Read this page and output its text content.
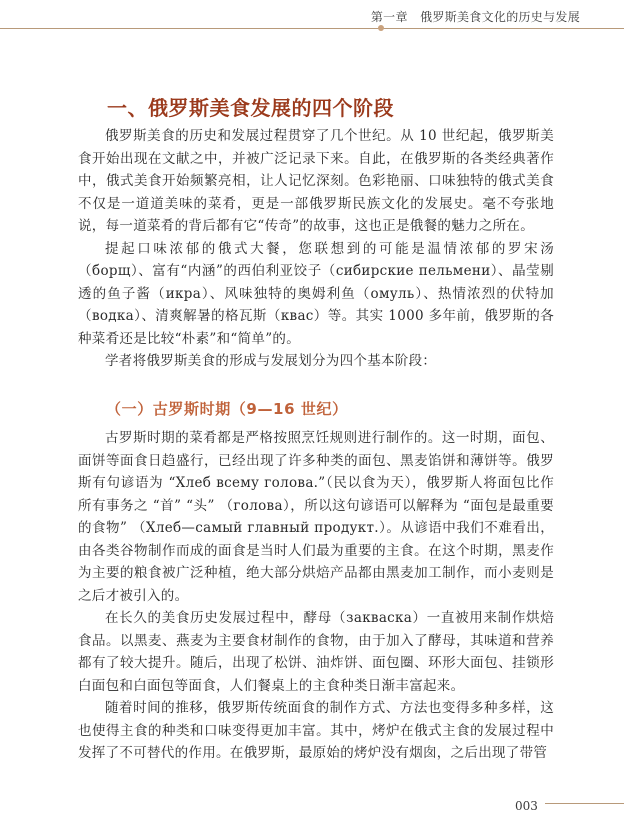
第一章 俄罗斯美食文化的历史与发展
一、俄罗斯美食发展的四个阶段

俄罗斯美食的历史和发展过程贯穿了几个世纪。从 10 世纪起，俄罗斯美食开始出现在文献之中，并被广泛记录下来。自此，在俄罗斯的各类经典著作中，俄式美食开始频繁亮相，让人记忆深刻。色彩艳丽、口味独特的俄式美食不仅是一道道美味的菜肴，更是一部俄罗斯民族文化的发展史。毫不夸张地说，每一道菜肴的背后都有它“传奇”的故事，这也正是俄餐的魅力之所在。

提起口味浓郁的俄式大餐，您联想到的可能是温情浓郁的罗宋汤（борщ）、富有“内涵”的西伯利亚饺子（сибирские пельмени）、晶莹剔透的鱼子酱（икра）、风味独特的奥姆利鱼（омуль）、热情浓烈的伏特加（водка）、清爽解暑的格瓦斯（квас）等。其实 1000 多年前，俄罗斯的各种菜肴还是比较“朴素”和“简单”的。

学者将俄罗斯美食的形成与发展划分为四个基本阶段：

（一）古罗斯时期（9—16 世纪）

古罗斯时期的菜肴都是严格按照烹饪规则进行制作的。这一时期，面包、面饼等面食日趋盛行，已经出现了许多种类的面包、黑麦馅饼和薄饼等。俄罗斯有句谚语为 “Хлеб всему голова.”（民以食为天），俄罗斯人将面包比作所有事务之 “首” “头” （голова），所以这句谚语可以解释为 “面包是最重要的食物” （Хлеб—самый главный продукт.）。从谚语中我们不难看出，由各类谷物制作而成的面食是当时人们最为重要的主食。在这个时期，黑麦作为主要的粮食被广泛种植，绝大部分烘焙产品都由黑麦加工制作，而小麦则是之后才被引入的。

在长久的美食历史发展过程中，酵母（закваска）一直被用来制作烘焙食品。以黑麦、燕麦为主要食材制作的食物，由于加入了酵母，其味道和营养都有了较大提升。随后，出现了松饼、油炸饼、面包圈、环形大面包、挂锁形白面包和白面包等面食，人们餐桌上的主食种类日渐丰富起来。

随着时间的推移，俄罗斯传统面食的制作方式、方法也变得多种多样，这也使得主食的种类和口味变得更加丰富。其中，烤炉在俄式主食的发展过程中发挥了不可替代的作用。在俄罗斯，最原始的烤炉没有烟囱，之后出现了带管

003
